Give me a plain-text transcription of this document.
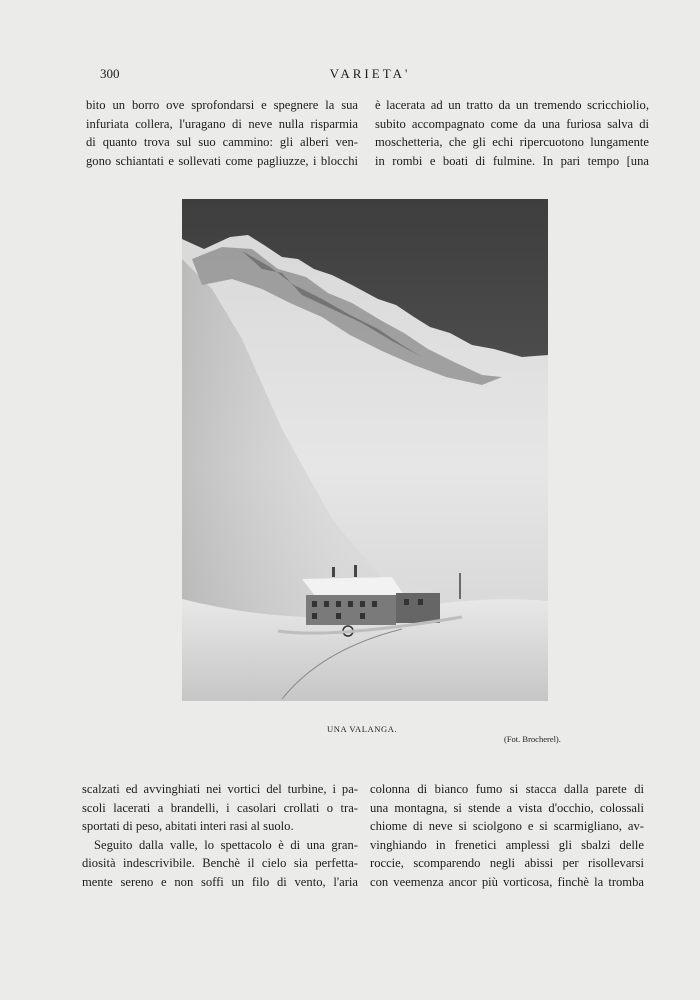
300	VARIETA'
bito un borro ove sprofondarsi e spegnere la sua
infuriata collera, l'uragano di neve nulla risparmia
di quanto trova sul suo cammino: gli alberi ven-
gono schiantati e sollevati come pagliuzze, i blocchi
è lacerata ad un tratto da un tremendo scricchiolio,
subito accompagnato come da una furiosa salva di
moschetteria, che gli echi ripercuotono lungamente
in rombi e boati di fulmine. In pari tempo [una
UNA VALANGA.
(Fot. Brocherel).
scalzati ed avvinghiati nei vortici del turbine, i pa-
scoli lacerati a brandelli, i casolari crollati o tra-
sportati di peso, abitati interi rasi al suolo.
Seguito dalla valle, lo spettacolo è di una gran-
diosità indescrivibile. Benchè il cielo sia perfetta-
mente sereno e non soffi un filo di vento, l'aria
colonna di bianco fumo si stacca dalla parete di
una montagna, si stende a vista d'occhio, colossali
chiome di neve si sciolgono e si scarmigliano, av-
vinghiando in frenetici amplessi gli sbalzi delle
roccie, scomparendo negli abissi per risollevarsi
con veemenza ancor più vorticosa, finchè la tromba
